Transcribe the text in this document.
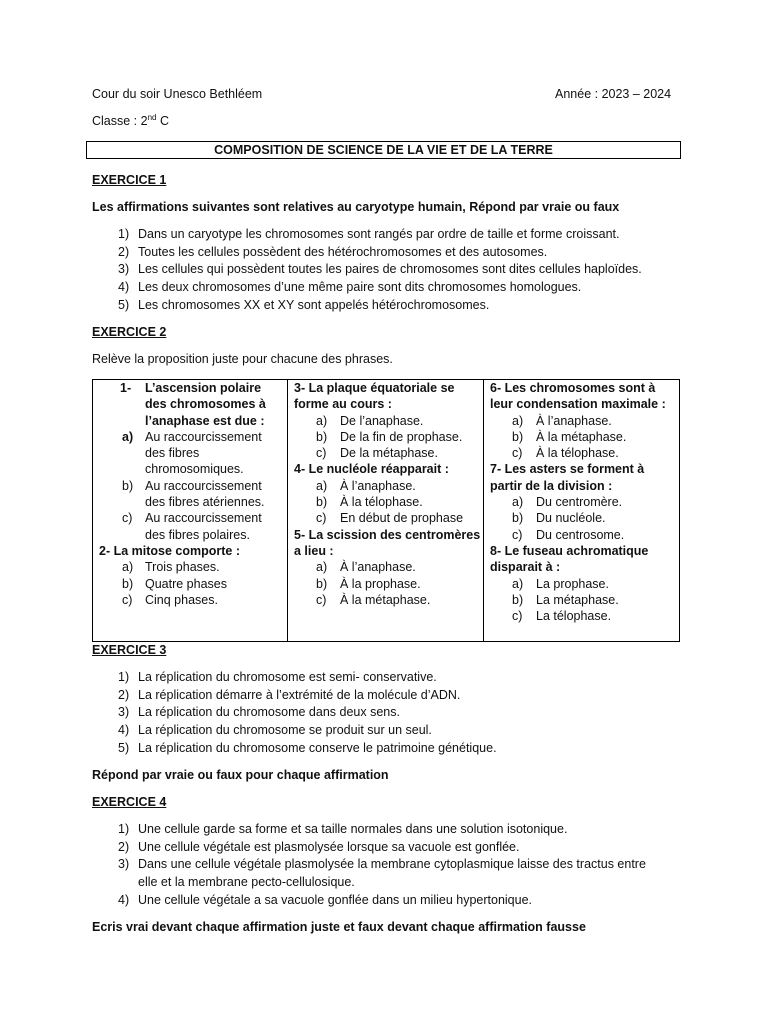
Cour du soir Unesco Bethléem	Année : 2023 – 2024
Classe : 2nd C
COMPOSITION DE SCIENCE DE LA VIE ET DE LA TERRE
EXERCICE 1
Les affirmations suivantes sont relatives au caryotype humain, Répond par vraie ou faux
1) Dans un caryotype les chromosomes sont rangés par ordre de taille et forme croissant.
2) Toutes les cellules possèdent des hétérochromosomes et des autosomes.
3) Les cellules qui possèdent toutes les paires de chromosomes sont dites cellules haploïdes.
4) Les deux chromosomes d’une même paire sont dits chromosomes homologues.
5) Les chromosomes XX et XY sont appelés hétérochromosomes.
EXERCICE 2
Relève la proposition juste pour chacune des phrases.
1- L’ascension polaire
des chromosomes à
l’anaphase est due :
a) Au raccourcissement
des fibres
chromosomiques.
b) Au raccourcissement
des fibres atériennes.
c) Au raccourcissement
des fibres polaires.
2- La mitose comporte :
a) Trois phases.
b) Quatre phases
c) Cinq phases.

3- La plaque équatoriale se
forme au cours :
a) De l’anaphase.
b) De la fin de prophase.
c) De la métaphase.
4- Le nucléole réapparait :
a) À l’anaphase.
b) À la télophase.
c) En début de prophase
5- La scission des centromères
a lieu :
a) À l’anaphase.
b) À la prophase.
c) À la métaphase.

6- Les chromosomes sont à
leur condensation maximale :
a) À l’anaphase.
b) À la métaphase.
c) À la télophase.
7- Les asters se forment à
partir de la division :
a) Du centromère.
b) Du nucléole.
c) Du centrosome.
8- Le fuseau achromatique
disparait à :
a) La prophase.
b) La métaphase.
c) La télophase.
EXERCICE 3
1) La réplication du chromosome est semi- conservative.
2) La réplication démarre à l’extrémité de la molécule d’ADN.
3) La réplication du chromosome dans deux sens.
4) La réplication du chromosome se produit sur un seul.
5) La réplication du chromosome conserve le patrimoine génétique.
Répond par vraie ou faux pour chaque affirmation
EXERCICE 4
1) Une cellule garde sa forme et sa taille normales dans une solution isotonique.
2) Une cellule végétale est plasmolysée lorsque sa vacuole est gonflée.
3) Dans une cellule végétale plasmolysée la membrane cytoplasmique laisse des tractus entre
elle et la membrane pecto-cellulosique.
4) Une cellule végétale a sa vacuole gonflée dans un milieu hypertonique.
Ecris vrai devant chaque affirmation juste et faux devant chaque affirmation fausse
